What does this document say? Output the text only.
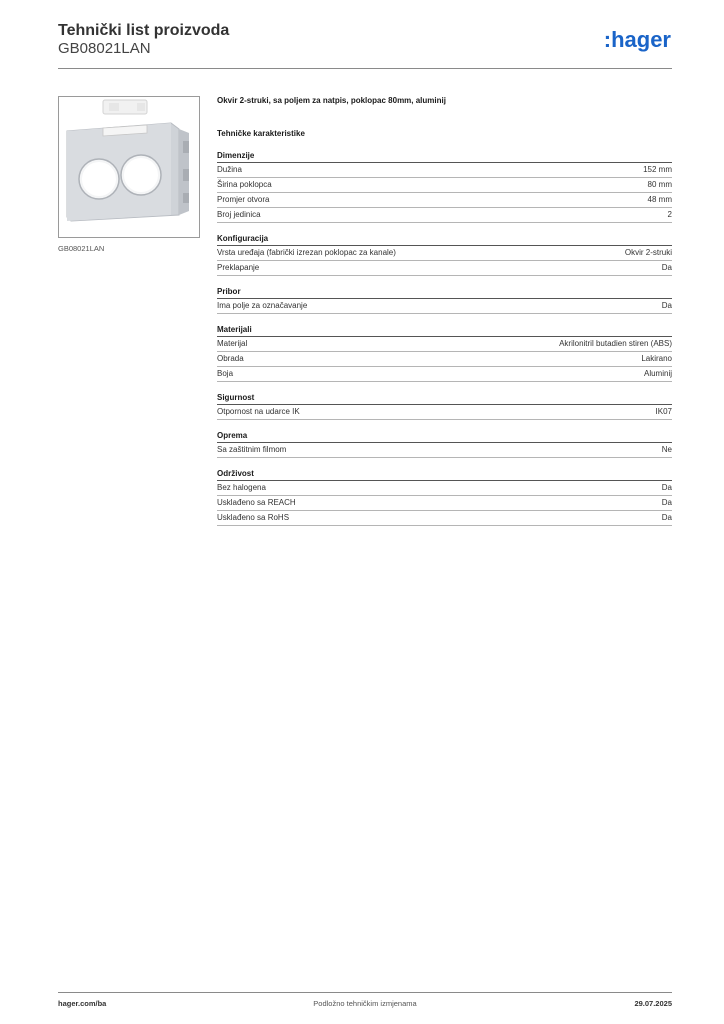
Tehnički list proizvoda
GB08021LAN	:hager
GB08021LAN
Okvir 2-struki, sa poljem za natpis, poklopac 80mm, aluminij
Tehničke karakteristike
Dimenzije
Dužina	152 mm
Širina poklopca	80 mm
Promjer otvora	48 mm
Broj jedinica	2
Konfiguracija
Vrsta uređaja (fabrički izrezan poklopac za kanale)	Okvir 2-struki
Preklapanje	Da
Pribor
Ima polje za označavanje	Da
Materijali
Materijal	Akrilonitril butadien stiren (ABS)
Obrada	Lakirano
Boja	Aluminij
Sigurnost
Otpornost na udarce IK	IK07
Oprema
Sa zaštitnim filmom	Ne
Održivost
Bez halogena	Da
Usklađeno sa REACH	Da
Usklađeno sa RoHS	Da
hager.com/ba	Podložno tehničkim izmjenama	29.07.2025
